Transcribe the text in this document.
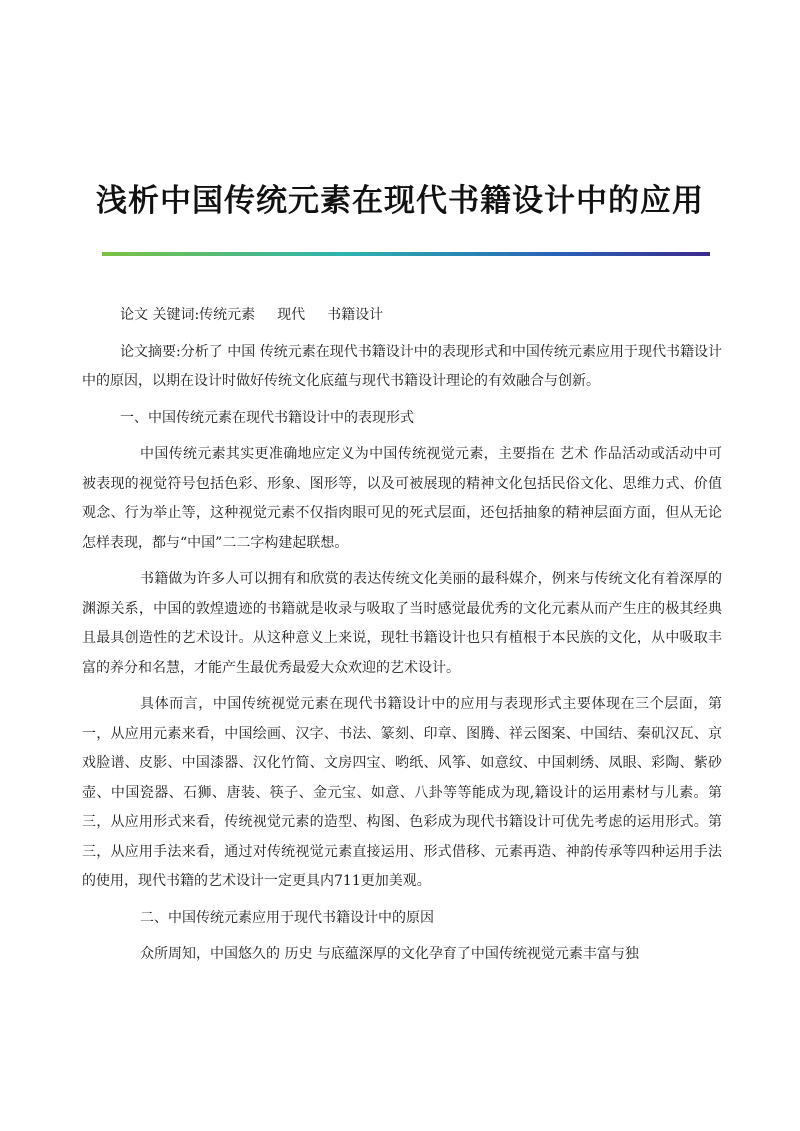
浅析中国传统元素在现代书籍设计中的应用

论文 关键词:传统元素 现代 书籍设计

论文摘要:分析了 中国 传统元素在现代书籍设计中的表现形式和中国传统元素应用于现代书籍设计中的原因，以期在设计时做好传统文化底蕴与现代书籍设计理论的有效融合与创新。

一、中国传统元素在现代书籍设计中的表现形式

中国传统元素其实更准确地应定义为中国传统视觉元素，主要指在 艺术 作品活动或活动中可被表现的视觉符号包括色彩、形象、图形等，以及可被展现的精神文化包括民俗文化、思维力式、价值观念、行为举止等，这种视觉元素不仅指肉眼可见的死式层面，还包括抽象的精神层面方面，但从无论怎样表现，都与“中国”二二字构建起联想。

书籍做为许多人可以拥有和欣赏的表达传统文化美丽的最科媒介，例来与传统文化有着深厚的渊源关系，中国的敦煌遗迹的书籍就是收录与吸取了当时感觉最优秀的文化元素从而产生庄的极其经典且最具创造性的艺术设计。从这种意义上来说，现牡书籍设计也只有植根于本民族的文化，从中吸取丰富的养分和名慧，才能产生最优秀最爱大众欢迎的艺术设计。

具体而言，中国传统视觉元素在现代书籍设计中的应用与表现形式主要体现在三个层面，第一，从应用元素来看，中国绘画、汉字、书法、篆刻、印章、图腾、祥云图案、中国结、秦矶汉瓦、京戏脸谱、皮影、中国漆器、汉化竹简、文房四宝、哟纸、风筝、如意纹、中国刺绣、凤眼、彩陶、紫砂壶、中国瓷器、石狮、唐装、筷子、金元宝、如意、八卦等等能成为现,籍设计的运用素材与儿素。第三，从应用形式来看，传统视觉元素的造型、构图、色彩成为现代书籍设计可优先考虑的运用形式。第三，从应用手法来看，通过对传统视觉元素直接运用、形式借移、元素再造、神韵传承等四种运用手法的使用，现代书籍的艺术设计一定更具内711更加美观。

二、中国传统元素应用于现代书籍设计中的原因

众所周知，中国悠久的 历史 与底蕴深厚的文化孕育了中国传统视觉元素丰富与独
